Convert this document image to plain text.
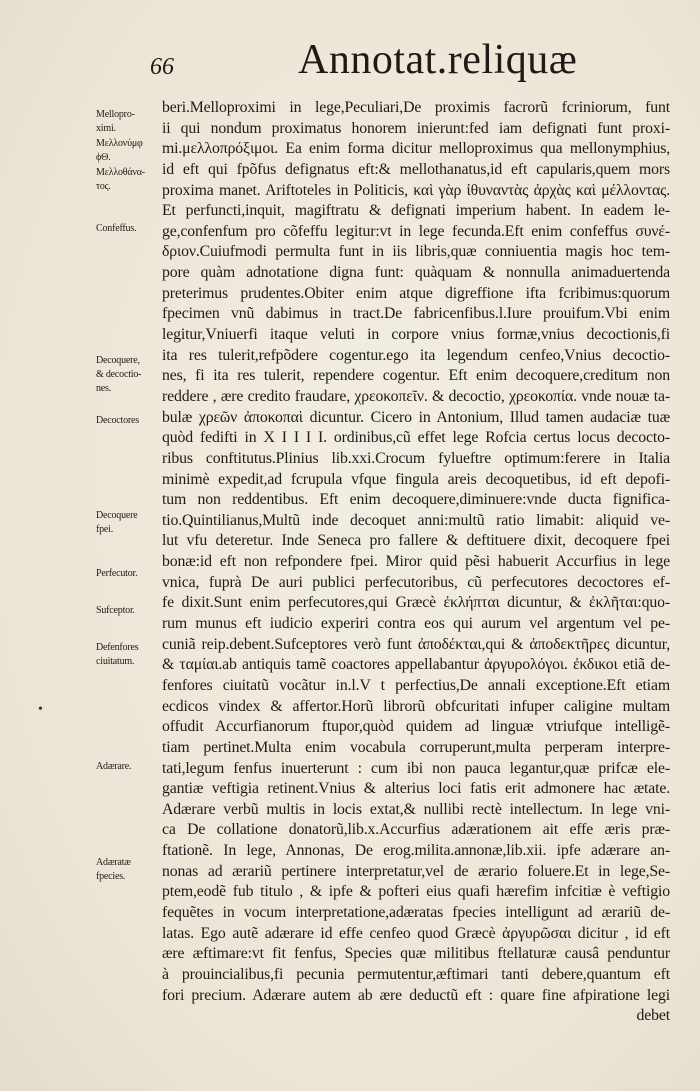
66	Annotat.reliquæ
Mellopro-
ximi.
Μελλονύμφ
ϕΘ.
Μελλοθάνα-
τος.
Confeffus.
Decoquere,
& decoctio-
nes.
Decoctores
Decoquere
fpei.
Perfecutor.
Sufceptor.
Defenfores
ciuitatum.
Adærare.
Adæratæ
fpecies.
beri.Melloproximi in lege,Peculiari,De proximis facrorũ fcriniorum, funt
ii qui nondum proximatus honorem inierunt:fed iam defignati funt proxi-
mi.μελλοπρόξιμοι. Ea enim forma dicitur melloproximus qua mellonymphius,
id eft qui fpõfus defignatus eft:& mellothanatus,id eft capularis,quem mors
proxima manet. Ariftoteles in Politicis, καὶ γὰρ ἰθυναντὰς ἀρχὰς καὶ μέλλοντας.
Et perfuncti,inquit, magiftratu & defignati imperium habent. In eadem le-
ge,confenfum pro cõfeffu legitur:vt in lege fecunda.Eft enim confeffus συνέ-
δριον.Cuiufmodi permulta funt in iis libris,quæ conniuentia magis hoc tem-
pore quàm adnotatione digna funt: quàquam & nonnulla animaduertenda
preterimus prudentes.Obiter enim atque digreffione ifta fcribimus:quorum
fpecimen vnũ dabimus in tract.De fabricenfibus.l.Iure prouifum.Vbi enim
legitur,Vniuerfi itaque veluti in corpore vnius formæ,vnius decoctionis,fi
ita res tulerit,refpõdere cogentur.ego ita legendum cenfeo,Vnius decoctio-
nes, fi ita res tulerit, rependere cogentur. Eft enim decoquere,creditum non
reddere , ære credito fraudare, χρεοκοπεῖν. & decoctio, χρεοκοπία. vnde nouæ ta-
bulæ χρεῶν ἀποκοπαὶ dicuntur. Cicero in Antonium, Illud tamen audaciæ tuæ
quòd fedifti in X I I I I. ordinibus,cũ effet lege Rofcia certus locus decocto-
ribus conftitutus.Plinius lib.xxi.Crocum fylueftre optimum:ferere in Italia
minimè expedit,ad fcrupula vfque fingula areis decoquetibus, id eft depofi-
tum non reddentibus. Eft enim decoquere,diminuere:vnde ducta fignifica-
tio.Quintilianus,Multũ inde decoquet anni:multũ ratio limabit: aliquid ve-
lut vfu deteretur. Inde Seneca pro fallere & deftituere dixit, decoquere fpei
bonæ:id eft non refpondere fpei. Miror quid pẽsi habuerit Accurfius in lege
vnica, fuprà De auri publici perfecutoribus, cũ perfecutores decoctores ef-
fe dixit.Sunt enim perfecutores,qui Græcè ἐκλήπται dicuntur, & ἐκλῆται:quo-
rum munus eft iudicio experiri contra eos qui aurum vel argentum vel pe-
cuniã reip.debent.Sufceptores verò funt ἀποδέκται,qui & ἀποδεκτῆρες dicuntur,
& ταμίαι.ab antiquis tamẽ coactores appellabantur ἀργυρολόγοι. ἐκδικοι etiã de-
fenfores ciuitatũ vocãtur in.l.V t perfectius,De annali exceptione.Eft etiam
ecdicos vindex & affertor.Horũ librorũ obfcuritati infuper caligine multam
offudit Accurfianorum ftupor,quòd quidem ad linguæ vtriufque intelligẽ-
tiam pertinet.Multa enim vocabula corruperunt,multa perperam interpre-
tati,legum fenfus inuerterunt : cum ibi non pauca legantur,quæ prifcæ ele-
gantiæ veftigia retinent.Vnius & alterius loci fatis erit admonere hac ætate.
Adærare verbũ multis in locis extat,& nullibi rectè intellectum. In lege vni-
ca De collatione donatorũ,lib.x.Accurfius adærationem ait effe æris præ-
ftationẽ. In lege, Annonas, De erog.milita.annonæ,lib.xii. ipfe adærare an-
nonas ad ærariũ pertinere interpretatur,vel de ærario foluere.Et in lege,Se-
ptem,eodẽ fub titulo , & ipfe & pofteri eius quafi hærefim infcitiæ è veftigio
fequẽtes in vocum interpretatione,adæratas fpecies intelligunt ad ærariũ de-
latas. Ego autẽ adærare id effe cenfeo quod Græcè ἀργυρῶσαι dicitur , id eft
ære æftimare:vt fit fenfus, Species quæ militibus ftellaturæ causâ penduntur
à prouincialibus,fi pecunia permutentur,æftimari tanti debere,quantum eft
fori precium. Adærare autem ab ære deductũ eft : quare fine afpiratione legi
debet
•
